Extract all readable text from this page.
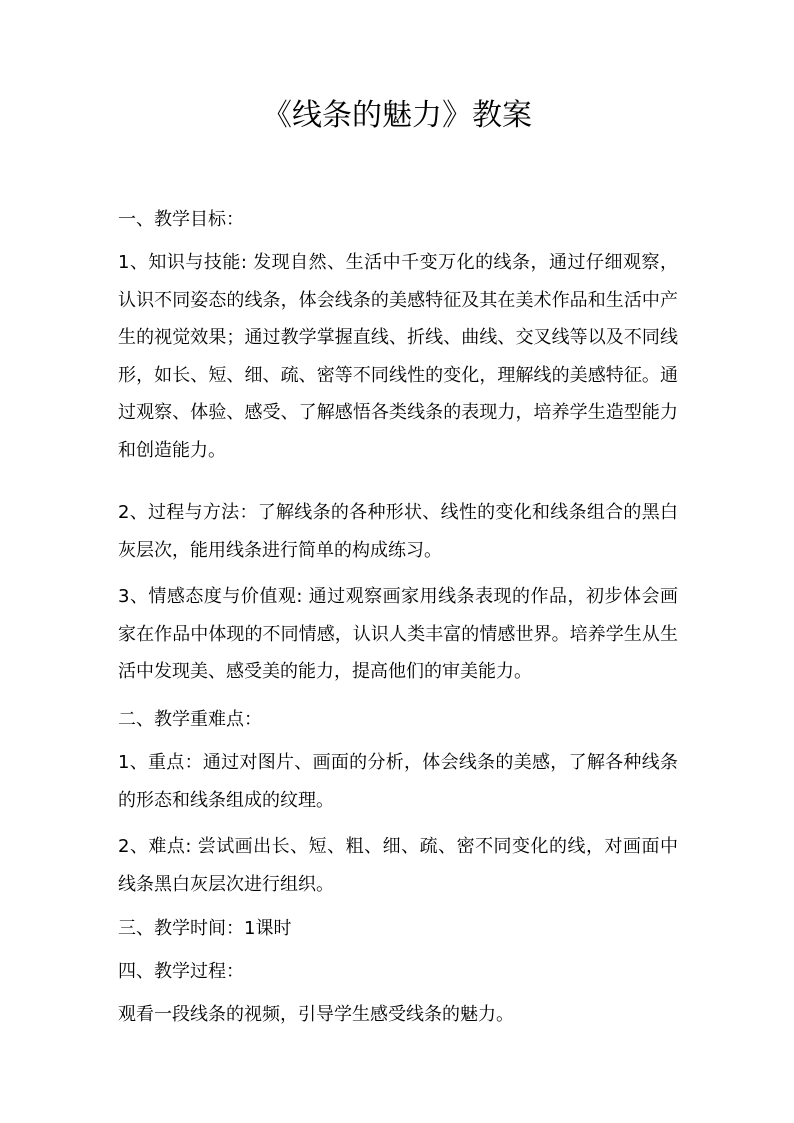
《线条的魅力》教案
一、教学目标：
1、知识与技能: 发现自然、生活中千变万化的线条，通过仔细观察，认识不同姿态的线条，体会线条的美感特征及其在美术作品和生活中产生的视觉效果；通过教学掌握直线、折线、曲线、交叉线等以及不同线形，如长、短、细、疏、密等不同线性的变化，理解线的美感特征。通过观察、体验、感受、了解感悟各类线条的表现力，培养学生造型能力和创造能力。
2、过程与方法：了解线条的各种形状、线性的变化和线条组合的黑白灰层次，能用线条进行简单的构成练习。
3、情感态度与价值观: 通过观察画家用线条表现的作品，初步体会画家在作品中体现的不同情感，认识人类丰富的情感世界。培养学生从生活中发现美、感受美的能力，提高他们的审美能力。
二、教学重难点：
1、重点：通过对图片、画面的分析，体会线条的美感，了解各种线条的形态和线条组成的纹理。
2、难点: 尝试画出长、短、粗、细、疏、密不同变化的线，对画面中线条黑白灰层次进行组织。
三、教学时间：1课时
四、教学过程：
观看一段线条的视频，引导学生感受线条的魅力。
